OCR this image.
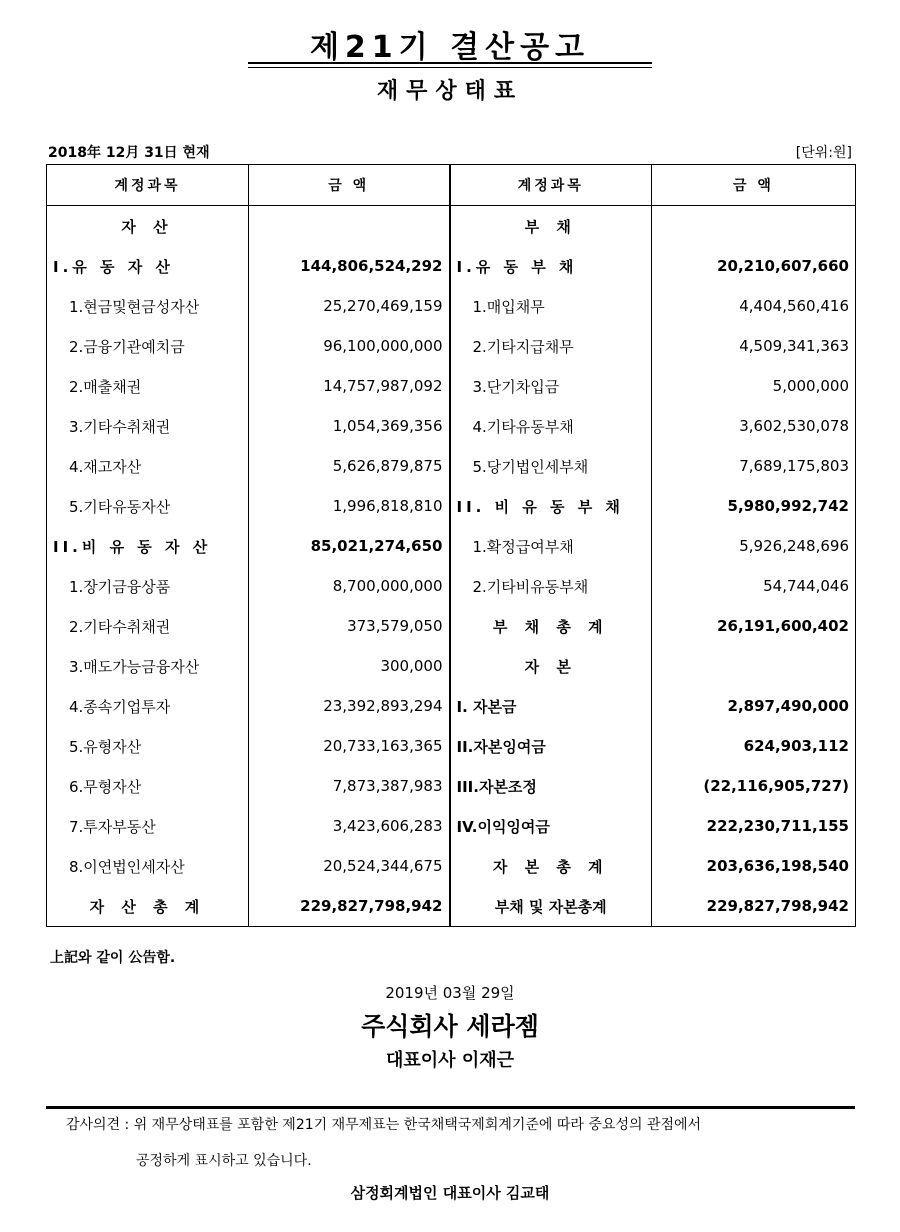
제21기 결산공고
재무상태표
2018年 12月 31日 현재	[단위:원]
계정과목	금 액	계정과목	금 액
자 산		부 채	
I.유 동 자 산	144,806,524,292	I.유 동 부 채	20,210,607,660
1.현금및현금성자산	25,270,469,159	1.매입채무	4,404,560,416
2.금융기관예치금	96,100,000,000	2.기타지급채무	4,509,341,363
2.매출채권	14,757,987,092	3.단기차입금	5,000,000
3.기타수취채권	1,054,369,356	4.기타유동부채	3,602,530,078
4.재고자산	5,626,879,875	5.당기법인세부채	7,689,175,803
5.기타유동자산	1,996,818,810	II. 비 유 동 부 채	5,980,992,742
II.비 유 동 자 산	85,021,274,650	1.확정급여부채	5,926,248,696
1.장기금융상품	8,700,000,000	2.기타비유동부채	54,744,046
2.기타수취채권	373,579,050	부 채 총 계	26,191,600,402
3.매도가능금융자산	300,000	자 본	
4.종속기업투자	23,392,893,294	I. 자본금	2,897,490,000
5.유형자산	20,733,163,365	II.자본잉여금	624,903,112
6.무형자산	7,873,387,983	III.자본조정	(22,116,905,727)
7.투자부동산	3,423,606,283	IV.이익잉여금	222,230,711,155
8.이연법인세자산	20,524,344,675	자 본 총 계	203,636,198,540
자 산 총 계	229,827,798,942	부채 및 자본총계	229,827,798,942
上記와 같이 公告함.
2019년 03월 29일
주식회사 세라젬
대표이사 이재근
감사의견 : 위 재무상태표를 포함한 제21기 재무제표는 한국채택국제회계기준에 따라 중요성의 관점에서
공정하게 표시하고 있습니다.
삼정회계법인 대표이사 김교태
